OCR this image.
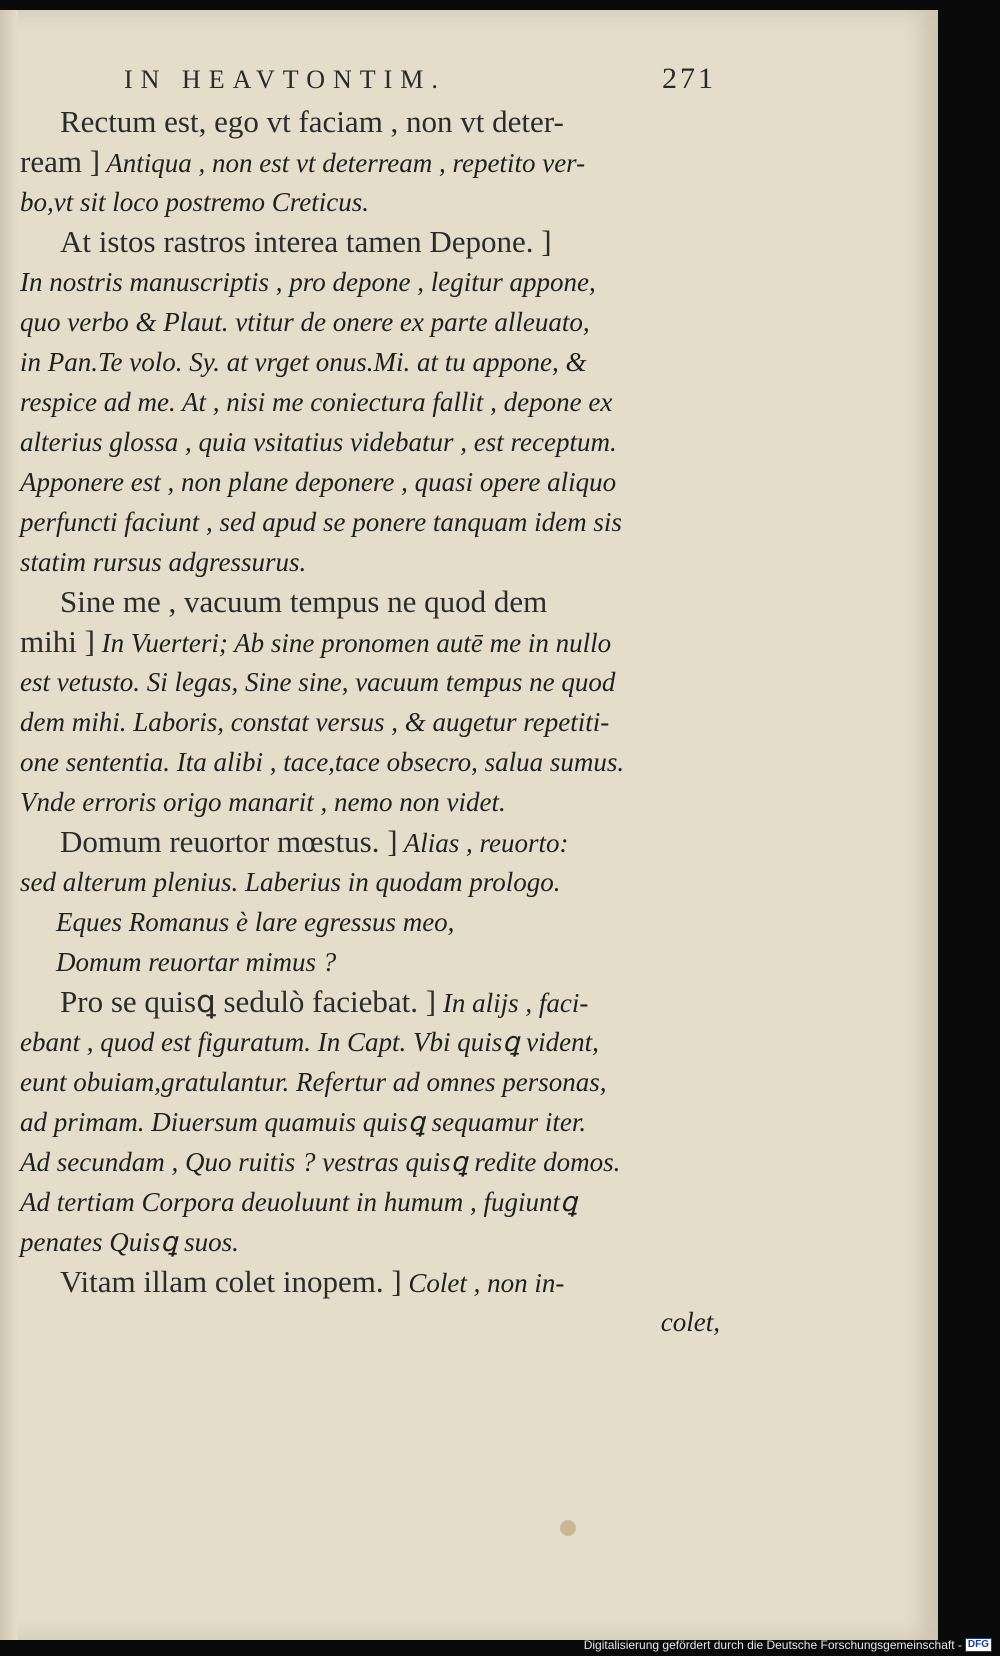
IN HEAVTONTIM.	271
Rectum est, ego vt faciam , non vt deter-
ream ] Antiqua , non est vt deterream , repetito ver-
bo,vt sit loco postremo Creticus.
At istos rastros interea tamen Depone. ]
In nostris manuscriptis , pro depone , legitur appone,
quo verbo & Plaut. vtitur de onere ex parte alleuato,
in Pan.Te volo. Sy. at vrget onus.Mi. at tu appone, &
respice ad me. At , nisi me coniectura fallit , depone ex
alterius glossa , quia vsitatius videbatur , est receptum.
Apponere est , non plane deponere , quasi opere aliquo
perfuncti faciunt , sed apud se ponere tanquam idem sis
statim rursus adgressurus.
Sine me , vacuum tempus ne quod dem
mihi ] In Vuerteri; Ab sine pronomen autē me in nullo
est vetusto. Si legas, Sine sine, vacuum tempus ne quod
dem mihi. Laboris, constat versus , & augetur repetiti-
one sententia. Ita alibi , tace,tace obsecro, salua sumus.
Vnde erroris origo manarit , nemo non videt.
Domum reuortor mœstus. ] Alias , reuorto:
sed alterum plenius. Laberius in quodam prologo.
Eques Romanus è lare egressus meo,
Domum reuortar mimus ?
Pro se quisꝗ sedulò faciebat. ] In alijs , faci-
ebant , quod est figuratum. In Capt. Vbi quisꝗ vident,
eunt obuiam,gratulantur. Refertur ad omnes personas,
ad primam. Diuersum quamuis quisꝗ sequamur iter.
Ad secundam , Quo ruitis ? vestras quisꝗ redite domos.
Ad tertiam Corpora deuoluunt in humum , fugiuntꝗ
penates Quisꝗ suos.
Vitam illam colet inopem. ] Colet , non in-
colet,
Digitalisierung gefördert durch die Deutsche Forschungsgemeinschaft - DFG
